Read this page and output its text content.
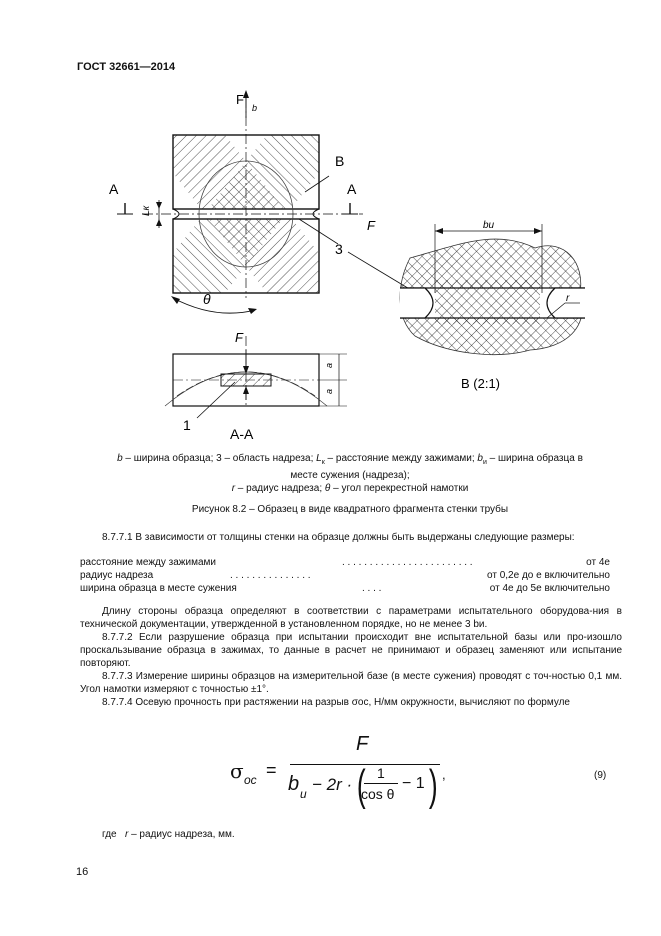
ГОСТ 32661—2014
F
b
B
A	A
Lк
F
3
θ
F
a
a
1
A-A
bи
r
B (2:1)
b – ширина образца; 3 – область надреза; $L_к$ – расстояние между зажимами; $b_и$ – ширина образца в
месте сужения (надреза);
r – радиус надреза; θ – угол перекрестной намотки
Рисунок 8.2 – Образец в виде квадратного фрагмента стенки трубы
8.7.7.1 В зависимости от толщины стенки на образце должны быть выдержаны следующие размеры:
расстояние между зажимами	. . . . . . . . . . . . . . . . . . . . . . . .	от 4e
радиус надреза	. . . . . . . . . . . . . . .	от 0,2e до e включительно
ширина образца в месте сужения	. . . .	от 4e до 5e включительно
Длину стороны образца определяют в соответствии с параметрами испытательного оборудова-ния в технической документации, утвержденной в установленном порядке, но не менее 3 bи.
8.7.7.2 Если разрушение образца при испытании происходит вне испытательной базы или про-изошло проскальзывание образца в зажимах, то данные в расчет не принимают и образец заменяют или испытание повторяют.
8.7.7.3 Измерение ширины образцов на измерительной базе (в месте сужения) проводят с точ-ностью 0,1 мм. Угол намотки измеряют с точностью ±1°.
8.7.7.4 Осевую прочность при растяжении на разрыв σос, Н/мм окружности, вычисляют по формуле
σ ос =
F
b и − 2r · ( 1
cos θ
− 1 ) ,	(9)
где r – радиус надреза, мм.
16
